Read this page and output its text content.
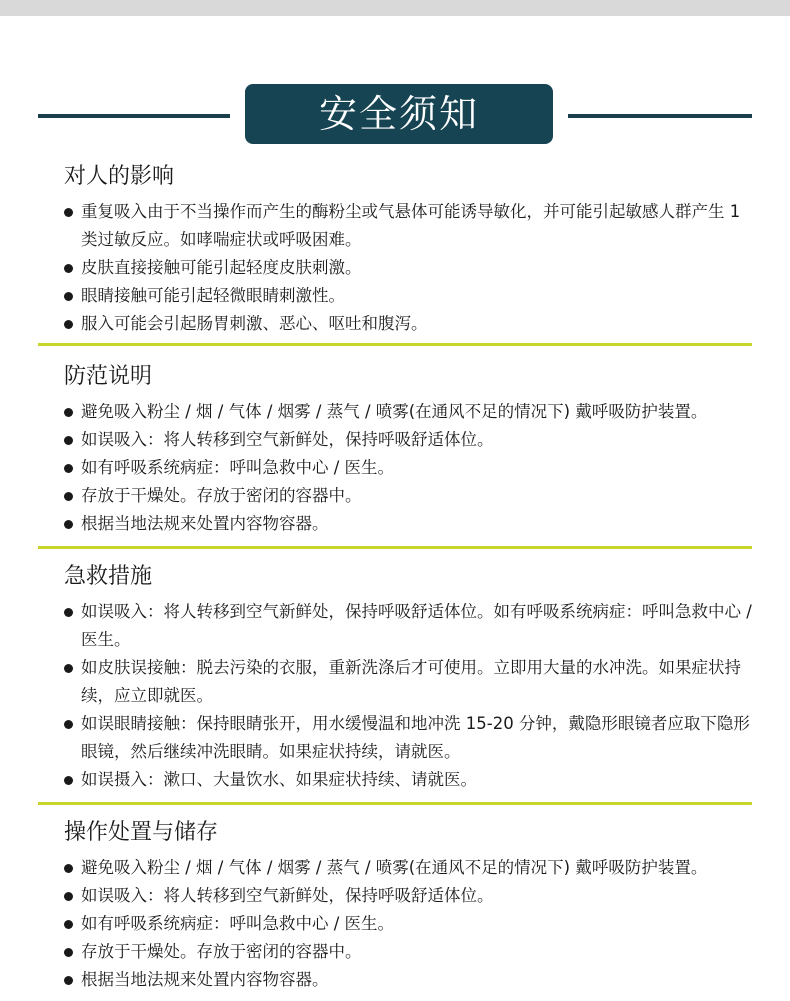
安全须知
对人的影响
重复吸入由于不当操作而产生的酶粉尘或气悬体可能诱导敏化，并可能引起敏感人群产生 1 类过敏反应。如哮喘症状或呼吸困难。
皮肤直接接触可能引起轻度皮肤刺激。
眼睛接触可能引起轻微眼睛刺激性。
服入可能会引起肠胃刺激、恶心、呕吐和腹泻。
防范说明
避免吸入粉尘 / 烟 / 气体 / 烟雾 / 蒸气 / 喷雾(在通风不足的情况下) 戴呼吸防护装置。
如误吸入：将人转移到空气新鲜处，保持呼吸舒适体位。
如有呼吸系统病症：呼叫急救中心 / 医生。
存放于干燥处。存放于密闭的容器中。
根据当地法规来处置内容物容器。
急救措施
如误吸入：将人转移到空气新鲜处，保持呼吸舒适体位。如有呼吸系统病症：呼叫急救中心 / 医生。
如皮肤误接触：脱去污染的衣服，重新洗涤后才可使用。立即用大量的水冲洗。如果症状持续，应立即就医。
如误眼睛接触：保持眼睛张开，用水缓慢温和地冲洗 15-20 分钟，戴隐形眼镜者应取下隐形眼镜，然后继续冲洗眼睛。如果症状持续，请就医。
如误摄入：漱口、大量饮水、如果症状持续、请就医。
操作处置与储存
避免吸入粉尘 / 烟 / 气体 / 烟雾 / 蒸气 / 喷雾(在通风不足的情况下) 戴呼吸防护装置。
如误吸入：将人转移到空气新鲜处，保持呼吸舒适体位。
如有呼吸系统病症：呼叫急救中心 / 医生。
存放于干燥处。存放于密闭的容器中。
根据当地法规来处置内容物容器。
